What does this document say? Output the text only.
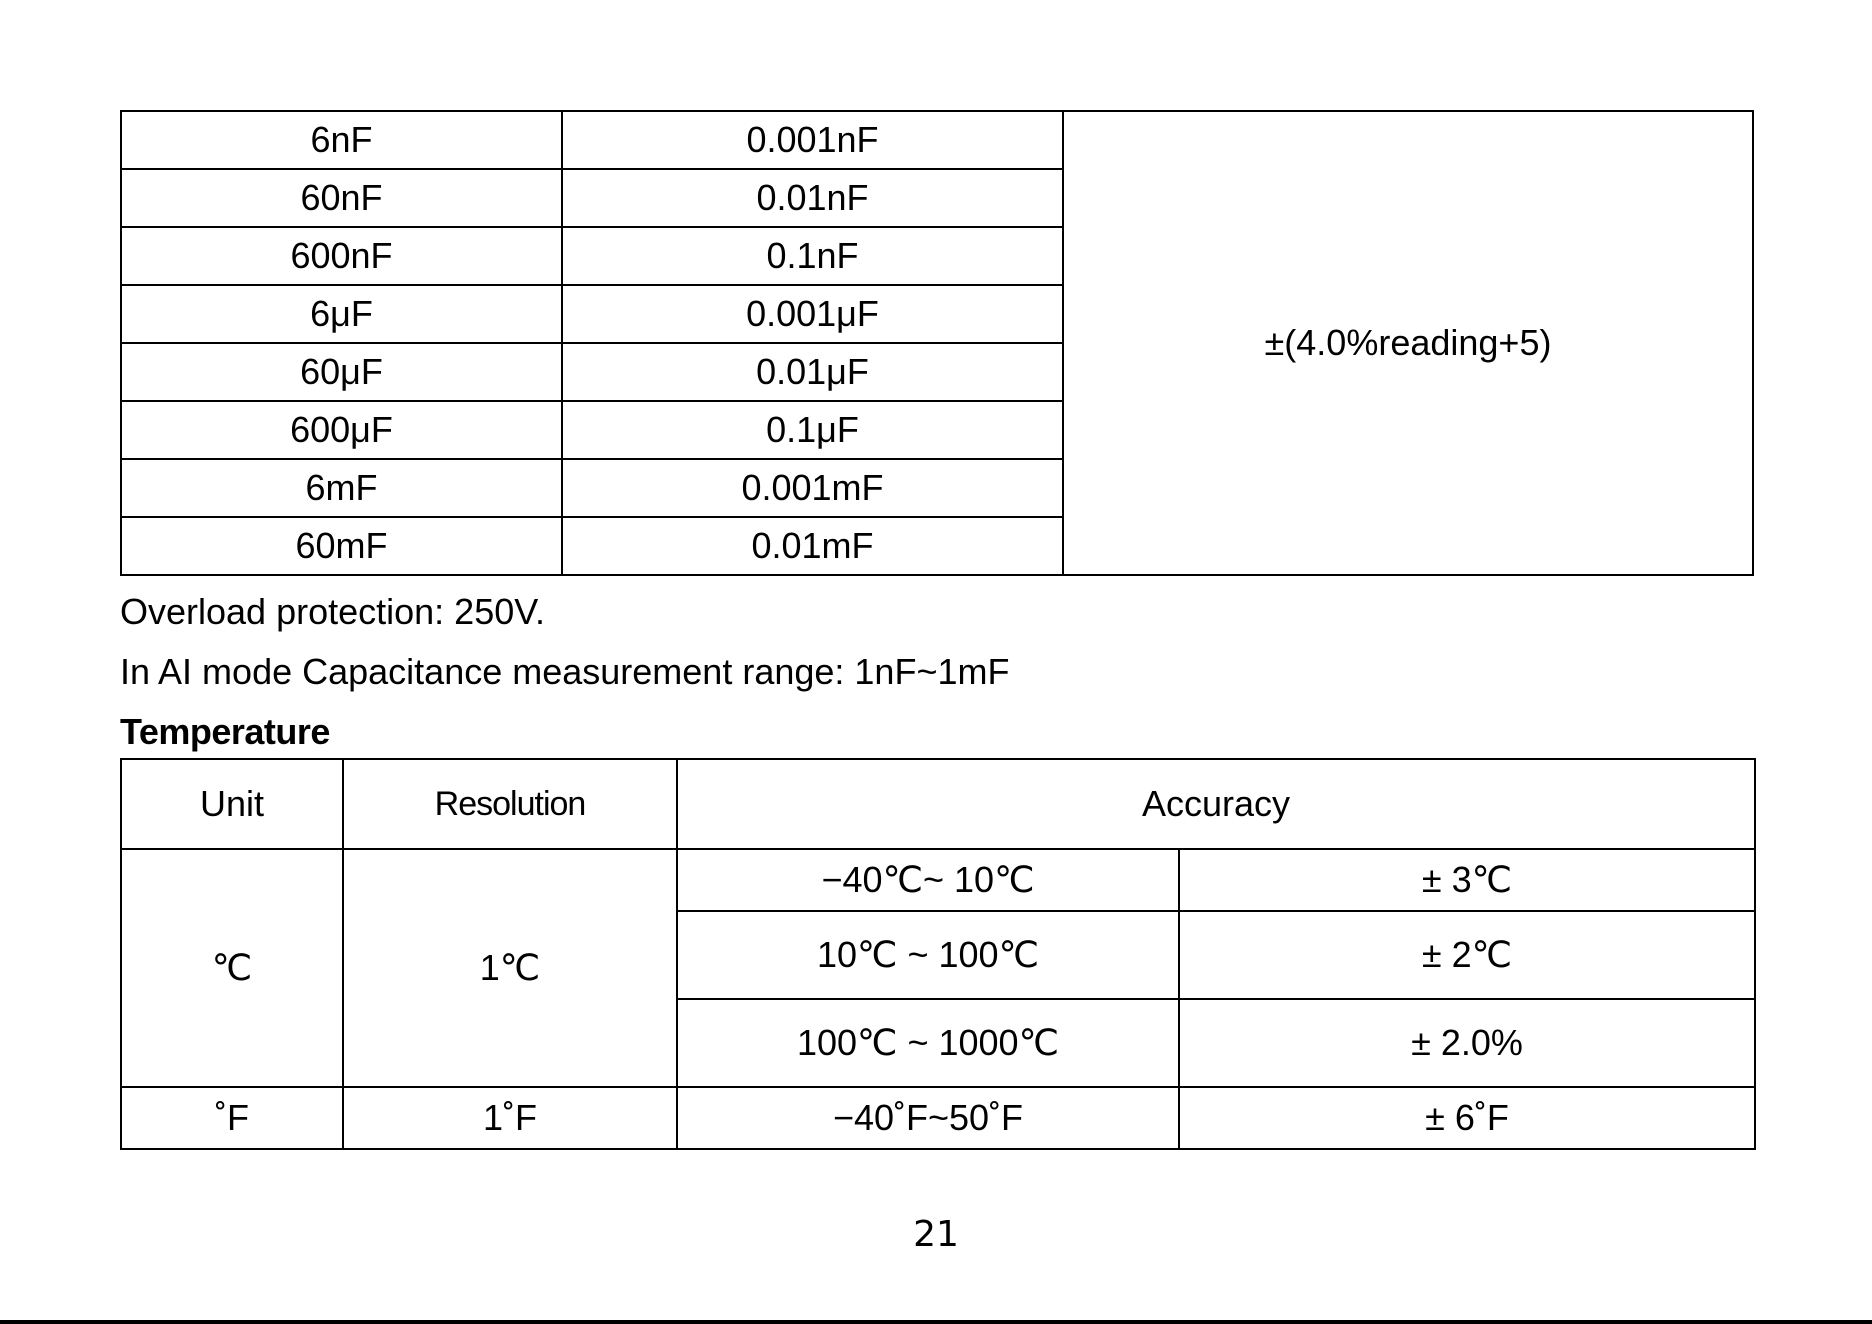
6nF	0.001nF	±(4.0%reading+5)
60nF	0.01nF	
600nF	0.1nF	
6μF	0.001μF	
60μF	0.01μF	
600μF	0.1μF	
6mF	0.001mF	
60mF	0.01mF	
Overload protection: 250V.
In AI mode Capacitance measurement range: 1nF~1mF
Temperature
Unit	Resolution	Accuracy	
℃	1℃	−40℃~ 10℃	± 3℃
		10℃ ~ 100℃	± 2℃
		100℃ ~ 1000℃	± 2.0%
˚F	1˚F	−40˚F~50˚F	± 6˚F
21
